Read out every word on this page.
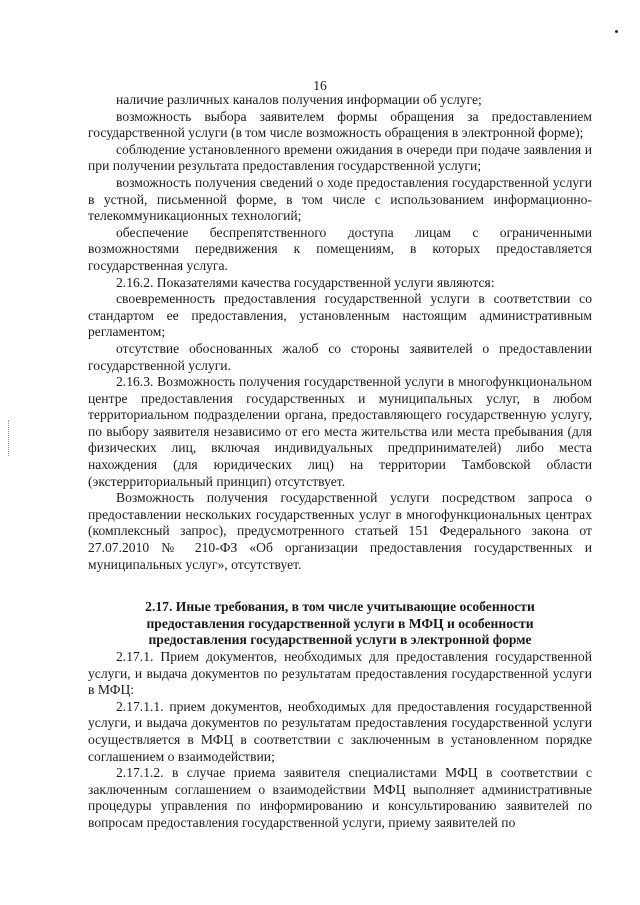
16

наличие различных каналов получения информации об услуге;

возможность выбора заявителем формы обращения за предоставлением государственной услуги (в том числе возможность обращения в электронной форме);

соблюдение установленного времени ожидания в очереди при подаче заявления и при получении результата предоставления государственной услуги;

возможность получения сведений о ходе предоставления государственной услуги в устной, письменной форме, в том числе с использованием информационно-телекоммуникационных технологий;

обеспечение беспрепятственного доступа лицам с ограниченными возможностями передвижения к помещениям, в которых предоставляется государственная услуга.

2.16.2. Показателями качества государственной услуги являются:

своевременность предоставления государственной услуги в соответствии со стандартом ее предоставления, установленным настоящим административным регламентом;

отсутствие обоснованных жалоб со стороны заявителей о предоставлении государственной услуги.

2.16.3. Возможность получения государственной услуги в многофункциональном центре предоставления государственных и муниципальных услуг, в любом территориальном подразделении органа, предоставляющего государственную услугу, по выбору заявителя независимо от его места жительства или места пребывания (для физических лиц, включая индивидуальных предпринимателей) либо места нахождения (для юридических лиц) на территории Тамбовской области (экстерриториальный принцип) отсутствует.

Возможность получения государственной услуги посредством запроса о предоставлении нескольких государственных услуг в многофункциональных центрах (комплексный запрос), предусмотренного статьей 151 Федерального закона от 27.07.2010 № 210-ФЗ «Об организации предоставления государственных и муниципальных услуг», отсутствует.

2.17. Иные требования, в том числе учитывающие особенности предоставления государственной услуги в МФЦ и особенности предоставления государственной услуги в электронной форме

2.17.1. Прием документов, необходимых для предоставления государственной услуги, и выдача документов по результатам предоставления государственной услуги в МФЦ:

2.17.1.1. прием документов, необходимых для предоставления государственной услуги, и выдача документов по результатам предоставления государственной услуги осуществляется в МФЦ в соответствии с заключенным в установленном порядке соглашением о взаимодействии;

2.17.1.2. в случае приема заявителя специалистами МФЦ в соответствии с заключенным соглашением о взаимодействии МФЦ выполняет административные процедуры управления по информированию и консультированию заявителей по вопросам предоставления государственной услуги, приему заявителей по
